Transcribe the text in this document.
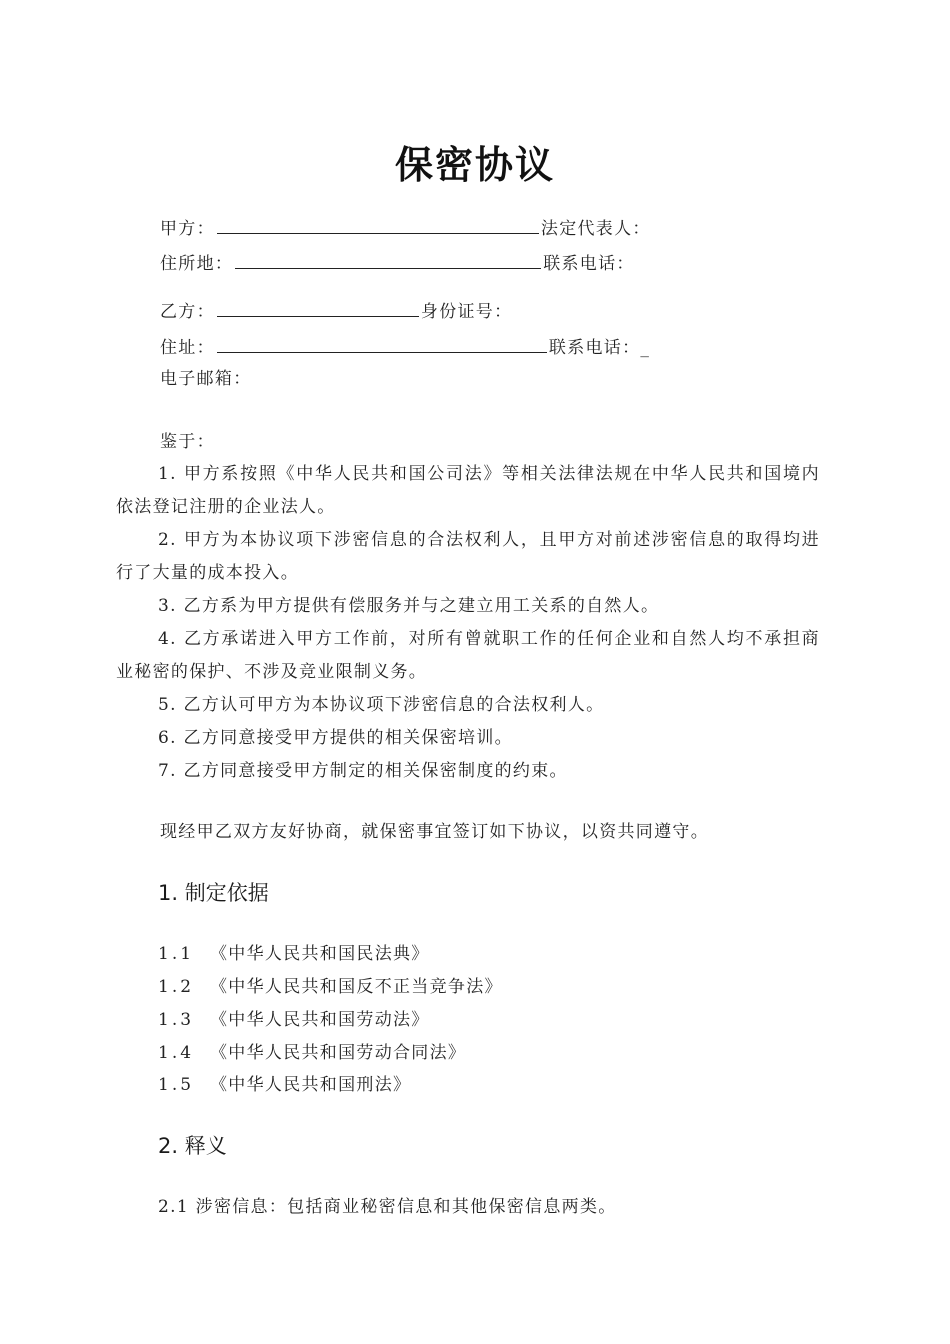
保密协议
甲方：	法定代表人：
住所地：	联系电话：
乙方：	身份证号：
住址：	联系电话：_
电子邮箱：
鉴于：
1. 甲方系按照《中华人民共和国公司法》等相关法律法规在中华人民共和国境内依法登记注册的企业法人。
2. 甲方为本协议项下涉密信息的合法权利人，且甲方对前述涉密信息的取得均进行了大量的成本投入。
3. 乙方系为甲方提供有偿服务并与之建立用工关系的自然人。
4. 乙方承诺进入甲方工作前，对所有曾就职工作的任何企业和自然人均不承担商业秘密的保护、不涉及竞业限制义务。
5. 乙方认可甲方为本协议项下涉密信息的合法权利人。
6. 乙方同意接受甲方提供的相关保密培训。
7. 乙方同意接受甲方制定的相关保密制度的约束。
现经甲乙双方友好协商，就保密事宜签订如下协议，以资共同遵守。
1. 制定依据
1.1 《中华人民共和国民法典》
1.2 《中华人民共和国反不正当竞争法》
1.3 《中华人民共和国劳动法》
1.4 《中华人民共和国劳动合同法》
1.5 《中华人民共和国刑法》
2. 释义
2.1 涉密信息：包括商业秘密信息和其他保密信息两类。
